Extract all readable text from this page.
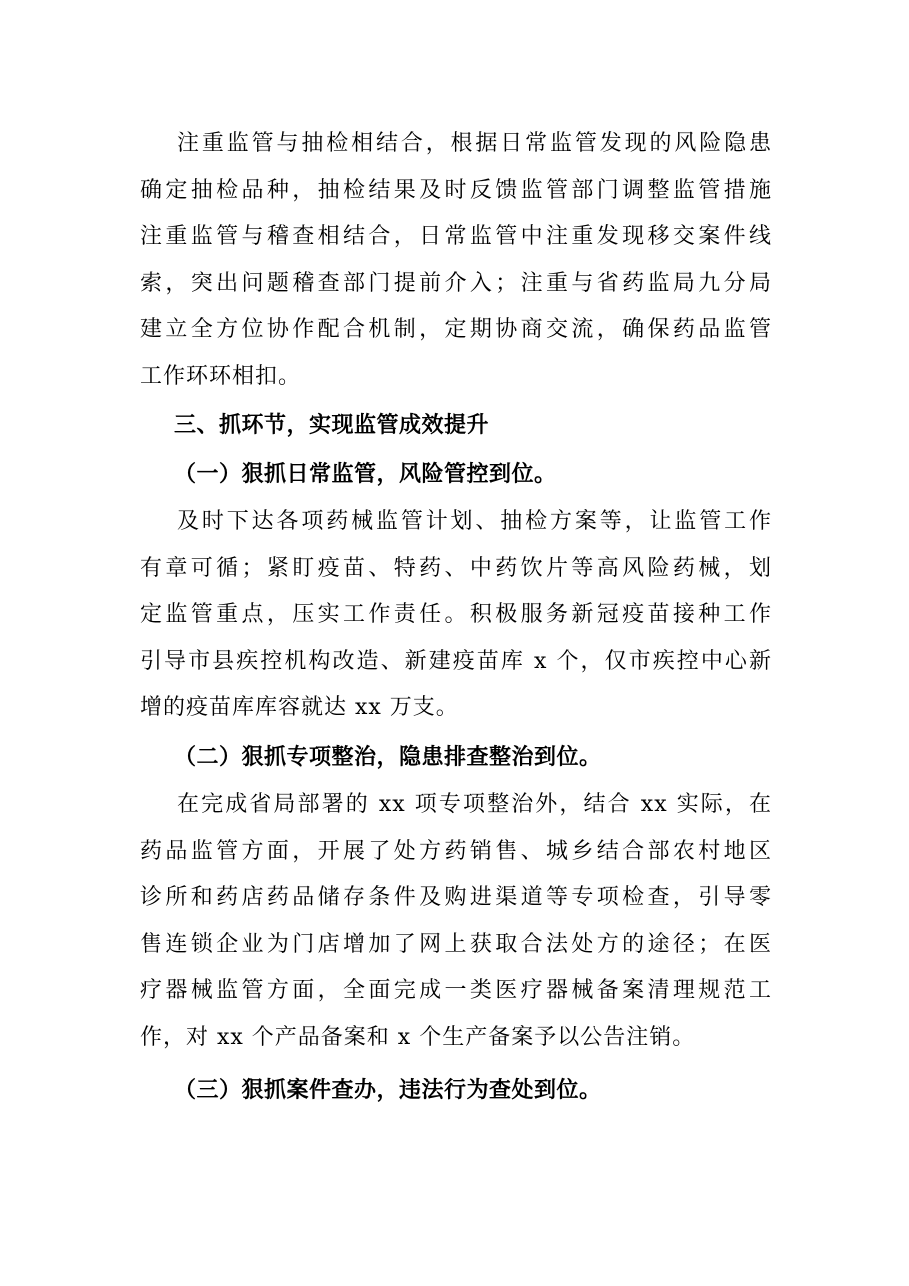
注重监管与抽检相结合，根据日常监管发现的风险隐患
确定抽检品种，抽检结果及时反馈监管部门调整监管措施
注重监管与稽查相结合，日常监管中注重发现移交案件线
索，突出问题稽查部门提前介入；注重与省药监局九分局
建立全方位协作配合机制，定期协商交流，确保药品监管
工作环环相扣。
三、抓环节，实现监管成效提升
（一）狠抓日常监管，风险管控到位。
及时下达各项药械监管计划、抽检方案等，让监管工作
有章可循；紧盯疫苗、特药、中药饮片等高风险药械，划
定监管重点，压实工作责任。积极服务新冠疫苗接种工作
引导市县疾控机构改造、新建疫苗库 x 个，仅市疾控中心新
增的疫苗库库容就达 xx 万支。
（二）狠抓专项整治，隐患排查整治到位。
在完成省局部署的 xx 项专项整治外，结合 xx 实际，在
药品监管方面，开展了处方药销售、城乡结合部农村地区
诊所和药店药品储存条件及购进渠道等专项检查，引导零
售连锁企业为门店增加了网上获取合法处方的途径；在医
疗器械监管方面，全面完成一类医疗器械备案清理规范工
作，对 xx 个产品备案和 x 个生产备案予以公告注销。
（三）狠抓案件查办，违法行为查处到位。
